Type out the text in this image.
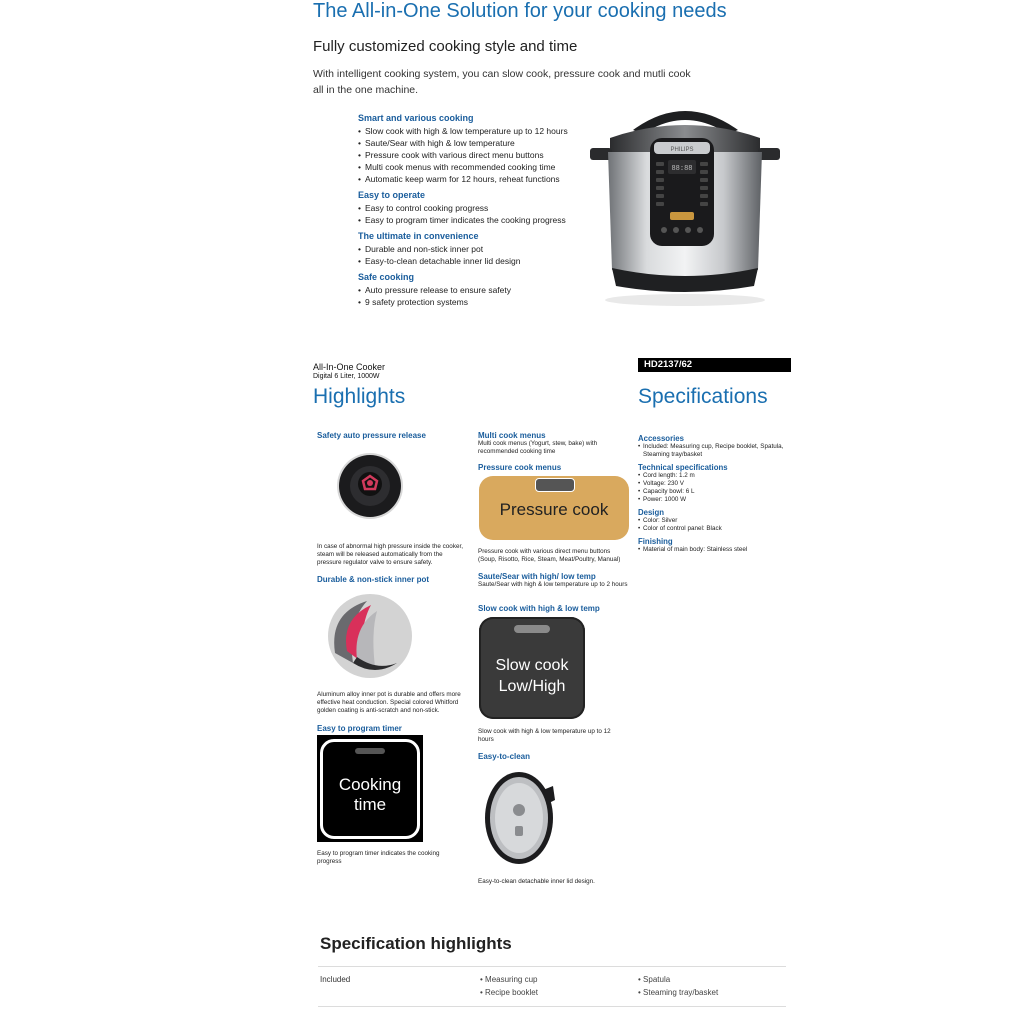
The All-in-One Solution for your cooking needs
Fully customized cooking style and time
With intelligent cooking system, you can slow cook, pressure cook and mutli cook all in the one machine.
Smart and various cooking
• Slow cook with high & low temperature up to 12 hours
• Saute/Sear with high & low temperature
• Pressure cook with various direct menu buttons
• Multi cook menus with recommended cooking time
• Automatic keep warm for 12 hours, reheat functions
Easy to operate
• Easy to control cooking progress
• Easy to program timer indicates the cooking progress
The ultimate in convenience
• Durable and non-stick inner pot
• Easy-to-clean detachable inner lid design
Safe cooking
• Auto pressure release to ensure safety
• 9 safety protection systems
PHILIPS
88:88
All-In-One Cooker
Digital 6 Liter, 1000W
HD2137/62
Highlights	Specifications
Safety auto pressure release
In case of abnormal high pressure inside the cooker, steam will be released automatically from the pressure regulator valve to ensure safety.
Durable & non-stick inner pot
Aluminum alloy inner pot is durable and offers more effective heat conduction. Special colored Whitford golden coating is anti-scratch and non-stick.
Easy to program timer
Cooking
time
Easy to program timer indicates the cooking progress
Multi cook menus
Multi cook menus (Yogurt, stew, bake) with recommended cooking time
Pressure cook menus
Pressure cook
Pressure cook with various direct menu buttons (Soup, Risotto, Rice, Steam, Meat/Poultry, Manual)
Saute/Sear with high/ low temp
Saute/Sear with high & low temperature up to 2 hours
Slow cook with high & low temp
Slow cook
Low/High
Slow cook with high & low temperature up to 12 hours
Easy-to-clean
Easy-to-clean detachable inner lid design.
Accessories
• Included: Measuring cup, Recipe booklet, Spatula, Steaming tray/basket
Technical specifications
• Cord length: 1.2 m
• Voltage: 230 V
• Capacity bowl: 6 L
• Power: 1000 W
Design
• Color: Silver
• Color of control panel: Black
Finishing
• Material of main body: Stainless steel
Specification highlights
Included
•	Measuring cup
• Recipe booklet
• Spatula
• Steaming tray/basket
